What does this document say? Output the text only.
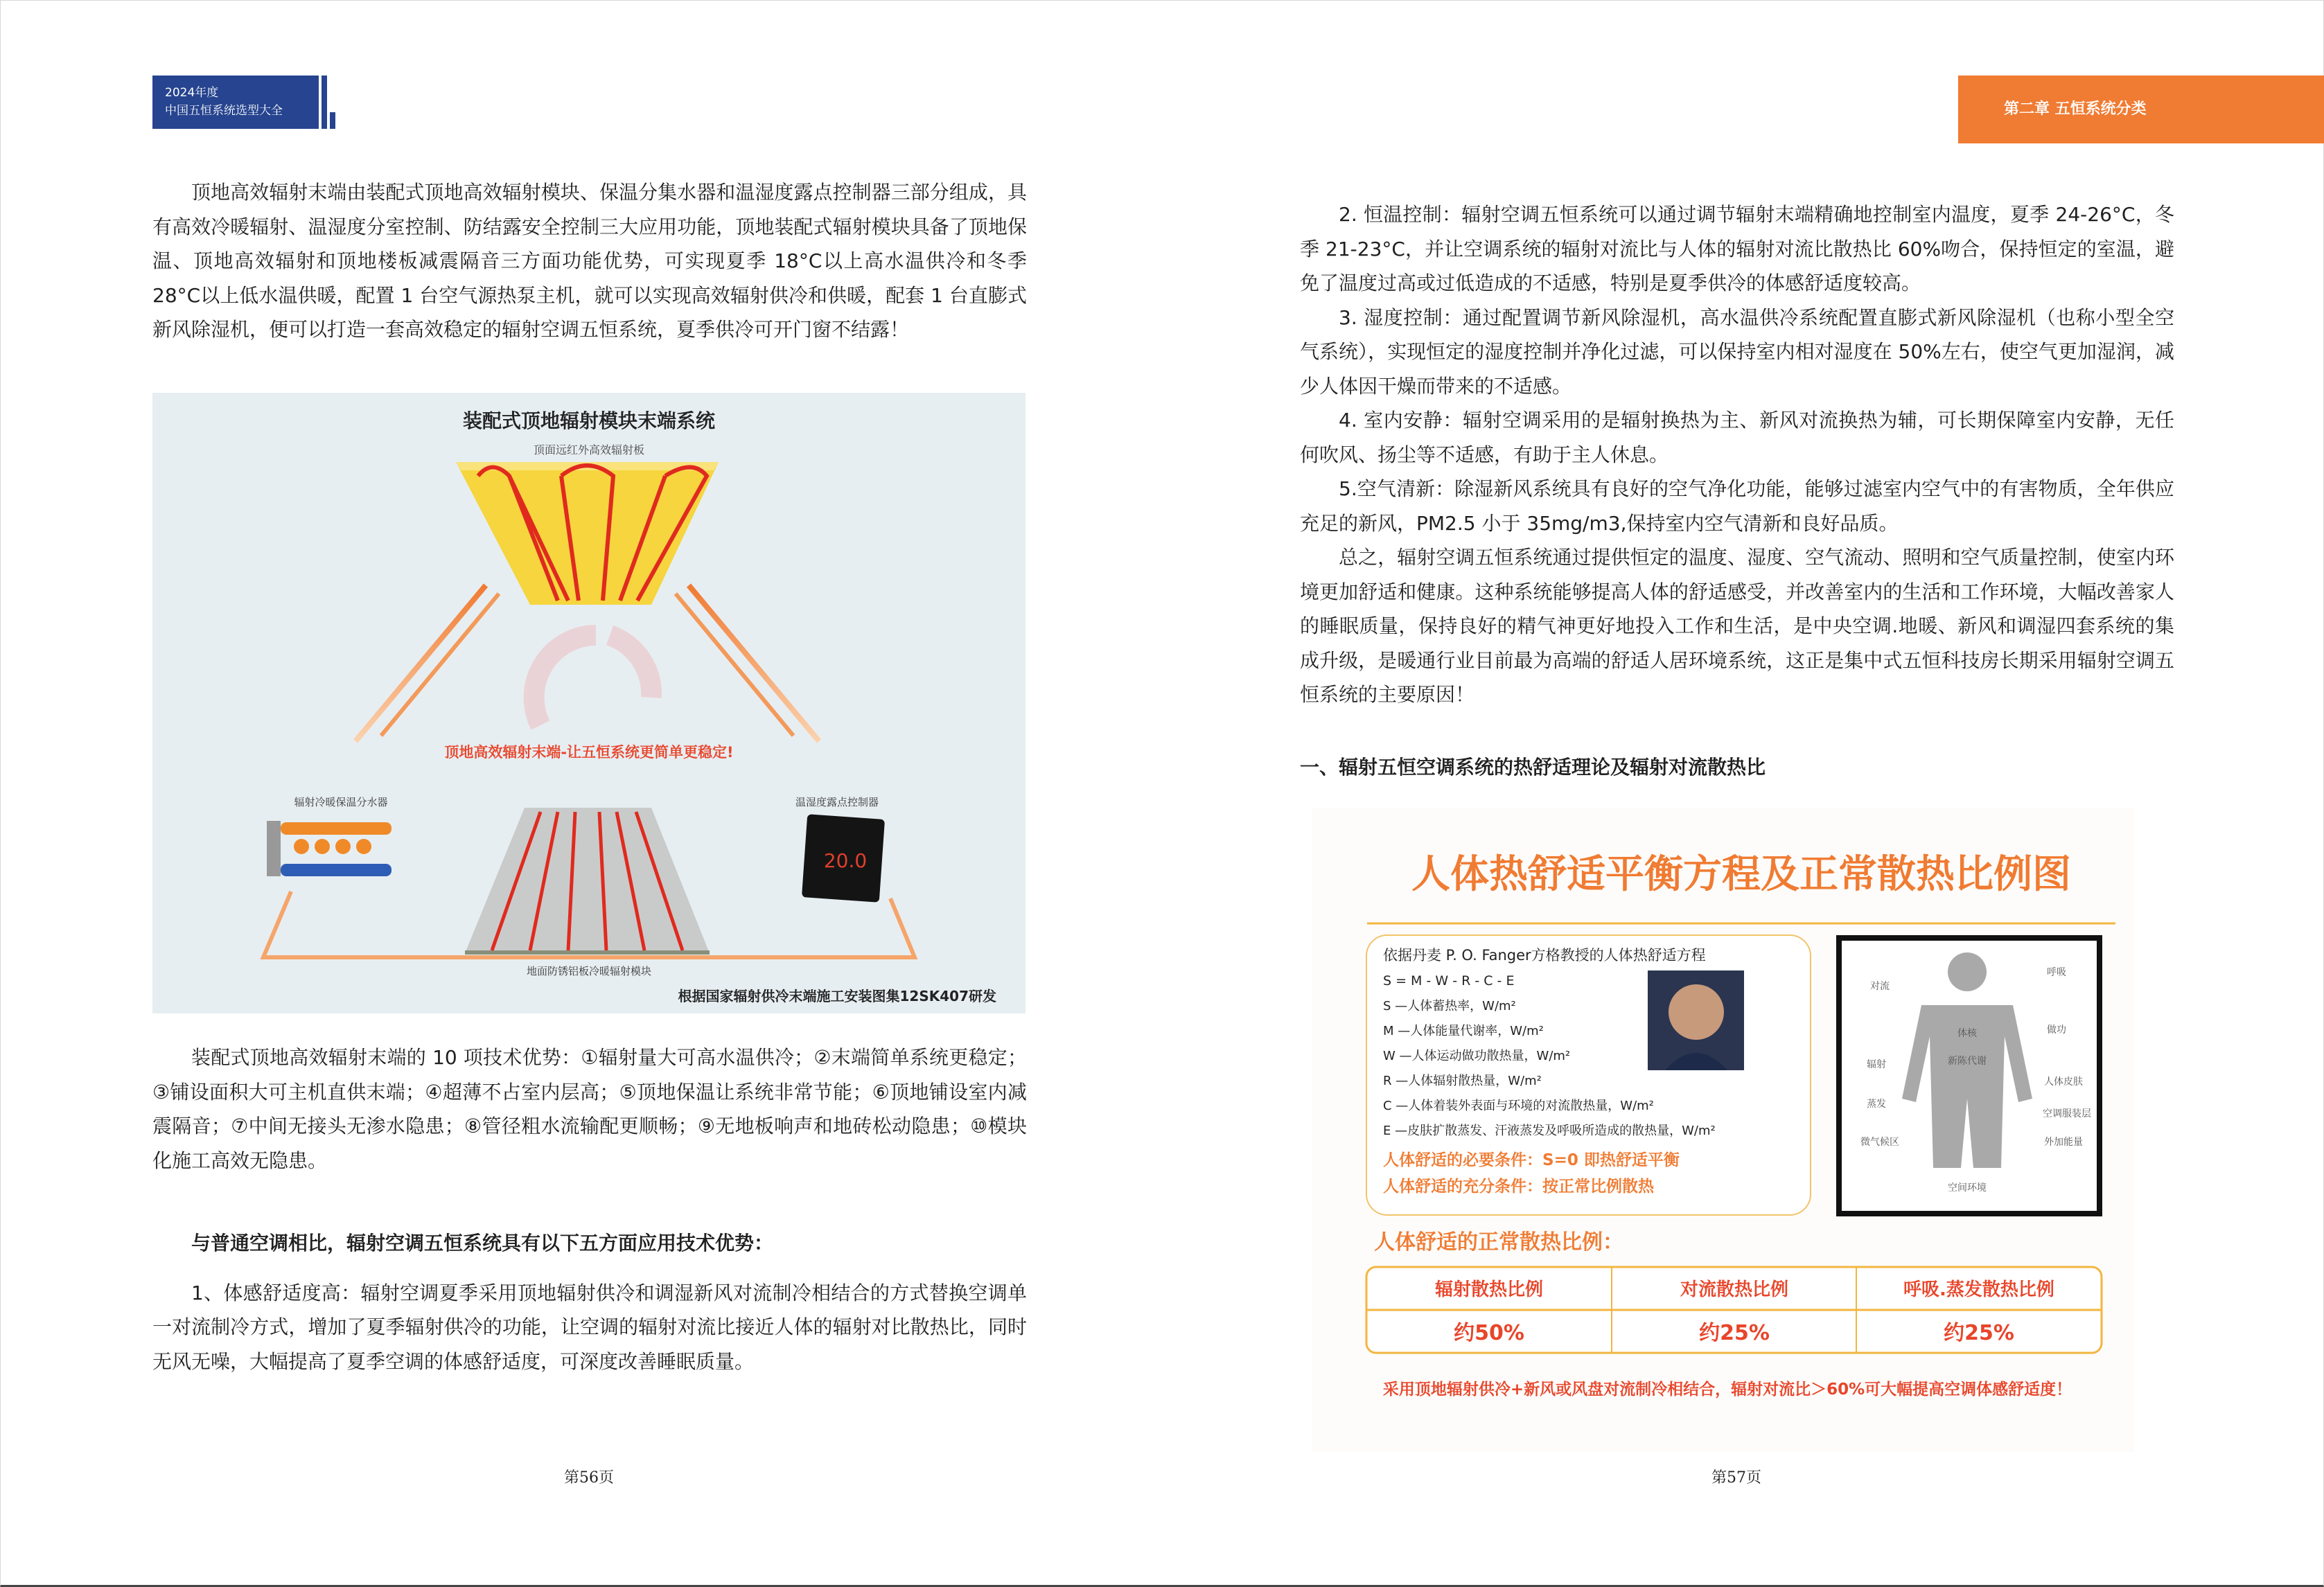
2024年度
中国五恒系统选型大全	第二章 五恒系统分类

顶地高效辐射末端由装配式顶地高效辐射模块、保温分集水器和温湿度露点控制器三部分组成，具有高效冷暖辐射、温湿度分室控制、防结露安全控制三大应用功能，顶地装配式辐射模块具备了顶地保温、顶地高效辐射和顶地楼板减震隔音三方面功能优势，可实现夏季 18°C以上高水温供冷和冬季 28°C以上低水温供暖，配置 1 台空气源热泵主机，就可以实现高效辐射供冷和供暖，配套 1 台直膨式新风除湿机，便可以打造一套高效稳定的辐射空调五恒系统，夏季供冷可开门窗不结露！

装配式顶地高效辐射末端的 10 项技术优势：①辐射量大可高水温供冷；②末端简单系统更稳定；③铺设面积大可主机直供末端；④超薄不占室内层高；⑤顶地保温让系统非常节能；⑥顶地铺设室内减震隔音；⑦中间无接头无渗水隐患；⑧管径粗水流输配更顺畅；⑨无地板响声和地砖松动隐患；⑩模块化施工高效无隐患。

与普通空调相比，辐射空调五恒系统具有以下五方面应用技术优势：

1、体感舒适度高：辐射空调夏季采用顶地辐射供冷和调湿新风对流制冷相结合的方式替换空调单一对流制冷方式，增加了夏季辐射供冷的功能，让空调的辐射对流比接近人体的辐射对比散热比，同时无风无噪，大幅提高了夏季空调的体感舒适度，可深度改善睡眠质量。

第56页
装配式顶地辐射模块末端系统
顶面远红外高效辐射板
顶地高效辐射末端-让五恒系统更简单更稳定!
辐射冷暖保温分水器	温湿度露点控制器
20.0
地面防锈铝板冷暖辐射模块
根据国家辐射供冷末端施工安装图集12SK407研发

2. 恒温控制：辐射空调五恒系统可以通过调节辐射末端精确地控制室内温度，夏季 24-26°C，冬季 21-23°C，并让空调系统的辐射对流比与人体的辐射对流比散热比 60%吻合，保持恒定的室温，避免了温度过高或过低造成的不适感，特别是夏季供冷的体感舒适度较高。

3. 湿度控制：通过配置调节新风除湿机，高水温供冷系统配置直膨式新风除湿机（也称小型全空气系统），实现恒定的湿度控制并净化过滤，可以保持室内相对湿度在 50%左右，使空气更加湿润，减少人体因干燥而带来的不适感。

4. 室内安静：辐射空调采用的是辐射换热为主、新风对流换热为辅，可长期保障室内安静，无任何吹风、扬尘等不适感，有助于主人休息。

5.空气清新：除湿新风系统具有良好的空气净化功能，能够过滤室内空气中的有害物质，全年供应充足的新风，PM2.5 小于 35mg/m3,保持室内空气清新和良好品质。

总之，辐射空调五恒系统通过提供恒定的温度、湿度、空气流动、照明和空气质量控制，使室内环境更加舒适和健康。这种系统能够提高人体的舒适感受，并改善室内的生活和工作环境，大幅改善家人的睡眠质量，保持良好的精气神更好地投入工作和生活，是中央空调.地暖、新风和调湿四套系统的集成升级，是暖通行业目前最为高端的舒适人居环境系统，这正是集中式五恒科技房长期采用辐射空调五恒系统的主要原因！

一、辐射五恒空调系统的热舒适理论及辐射对流散热比
第57页
人体热舒适平衡方程及正常散热比例图
依据丹麦 P. O. Fanger方格教授的人体热舒适方程
S = M - W - R - C - E
S —人体蓄热率，W/m²
M —人体能量代谢率，W/m²
W —人体运动做功散热量，W/m²
R —人体辐射散热量，W/m²
C —人体着装外表面与环境的对流散热量，W/m²
E —皮肤扩散蒸发、汗液蒸发及呼吸所造成的散热量，W/m²
人体舒适的必要条件：S=0 即热舒适平衡
人体舒适的充分条件：按正常比例散热
对流
呼吸
做功
体核
新陈代谢
辐射
人体皮肤
蒸发
空调服装层
微气候区	外加能量
空间环境
人体舒适的正常散热比例：
辐射散热比例	对流散热比例	呼吸.蒸发散热比例
约50%	约25%	约25%
采用顶地辐射供冷+新风或风盘对流制冷相结合，辐射对流比＞60%可大幅提高空调体感舒适度！
